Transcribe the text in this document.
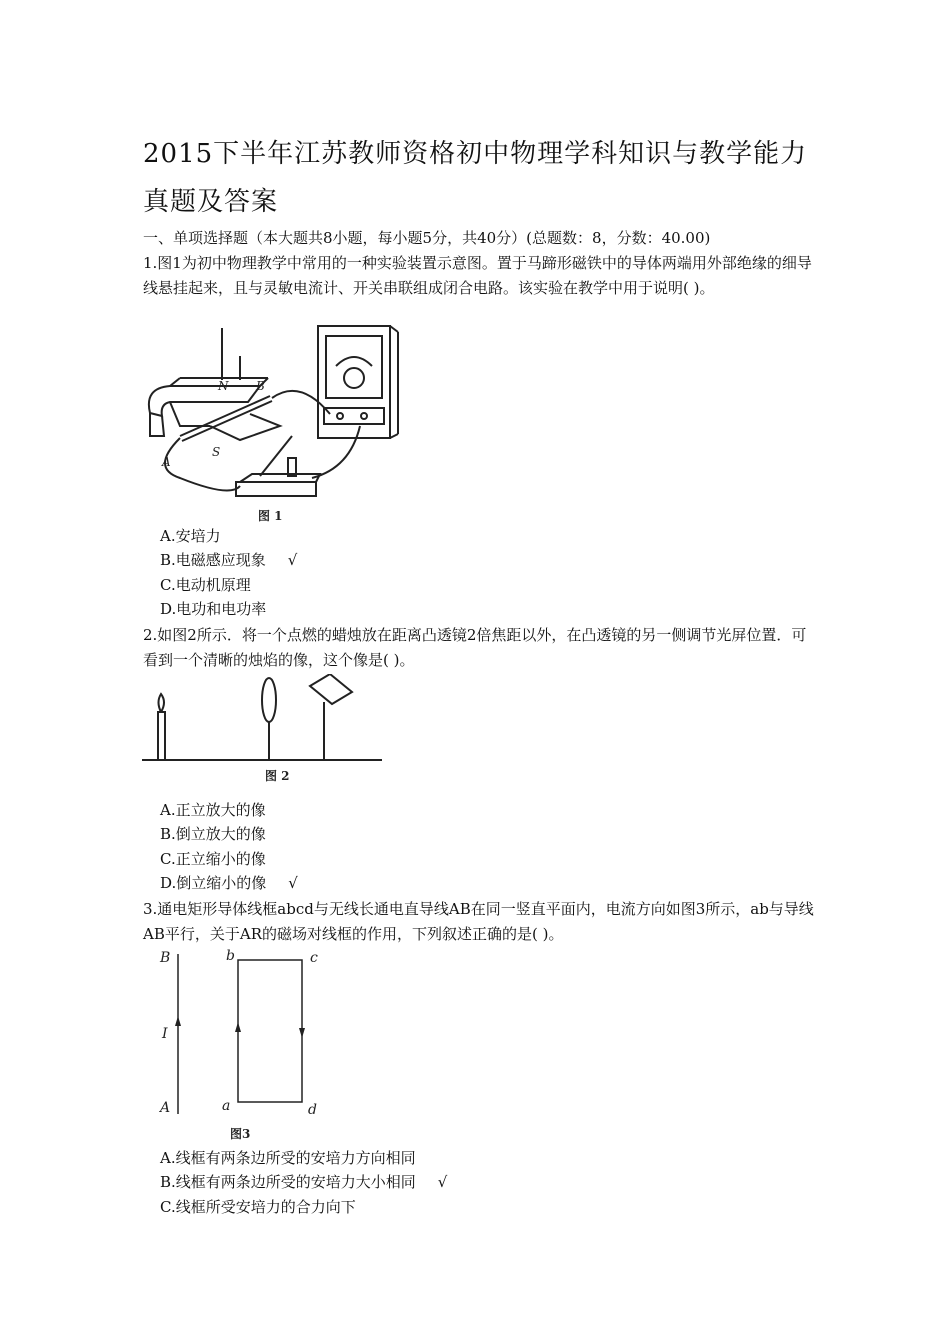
2015下半年江苏教师资格初中物理学科知识与教学能力真题及答案
一、单项选择题（本大题共8小题，每小题5分，共40分）(总题数：8，分数：40.00)
1.图1为初中物理教学中常用的一种实验装置示意图。置于马蹄形磁铁中的导体两端用外部绝缘的细导线悬挂起来，且与灵敏电流计、开关串联组成闭合电路。该实验在教学中用于说明( )。
N B
A
S
图 1
A.安培力
B.电磁感应现象 √
C.电动机原理
D.电功和电功率
2.如图2所示．将一个点燃的蜡烛放在距离凸透镜2倍焦距以外，在凸透镜的另一侧调节光屏位置．可看到一个清晰的烛焰的像，这个像是( )。
图 2
A.正立放大的像
B.倒立放大的像
C.正立缩小的像
D.倒立缩小的像 √
3.通电矩形导体线框abcd与无线长通电直导线AB在同一竖直平面内，电流方向如图3所示，ab与导线AB平行，关于AR的磁场对线框的作用，下列叙述正确的是( )。
B	b	c
I
A	a	d
图3
A.线框有两条边所受的安培力方向相同
B.线框有两条边所受的安培力大小相同 √
C.线框所受安培力的合力向下
